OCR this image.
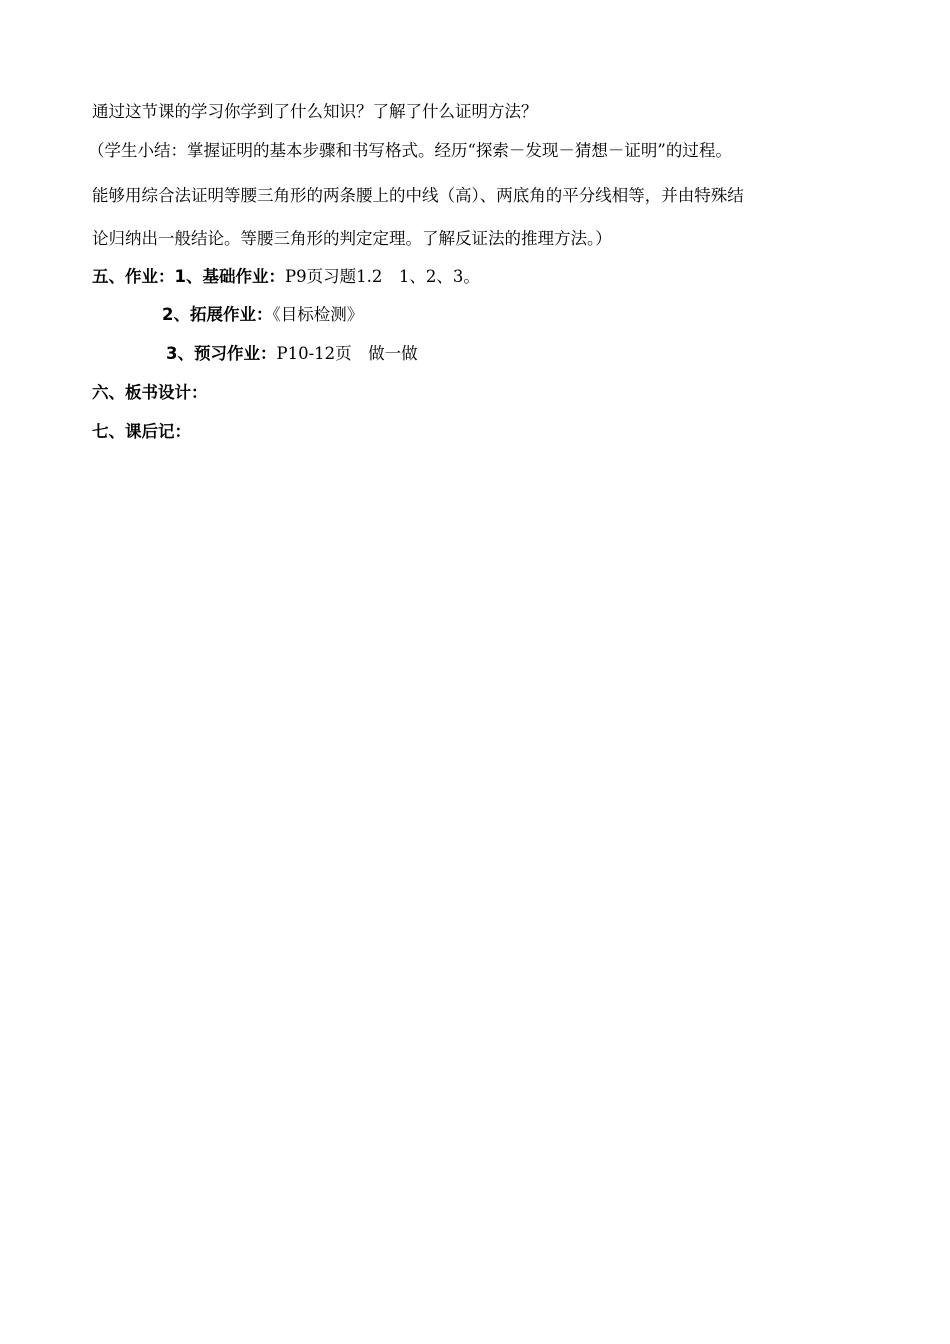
通过这节课的学习你学到了什么知识？了解了什么证明方法？
（学生小结：掌握证明的基本步骤和书写格式。经历“探索－发现－猜想－证明”的过程。
能够用综合法证明等腰三角形的两条腰上的中线（高）、两底角的平分线相等，并由特殊结
论归纳出一般结论。等腰三角形的判定定理。了解反证法的推理方法。）
五、作业：1、基础作业：P9页习题1.2　1、2、3。
2、拓展作业：《目标检测》
3、预习作业：P10-12页　做一做
六、板书设计：
七、课后记：
